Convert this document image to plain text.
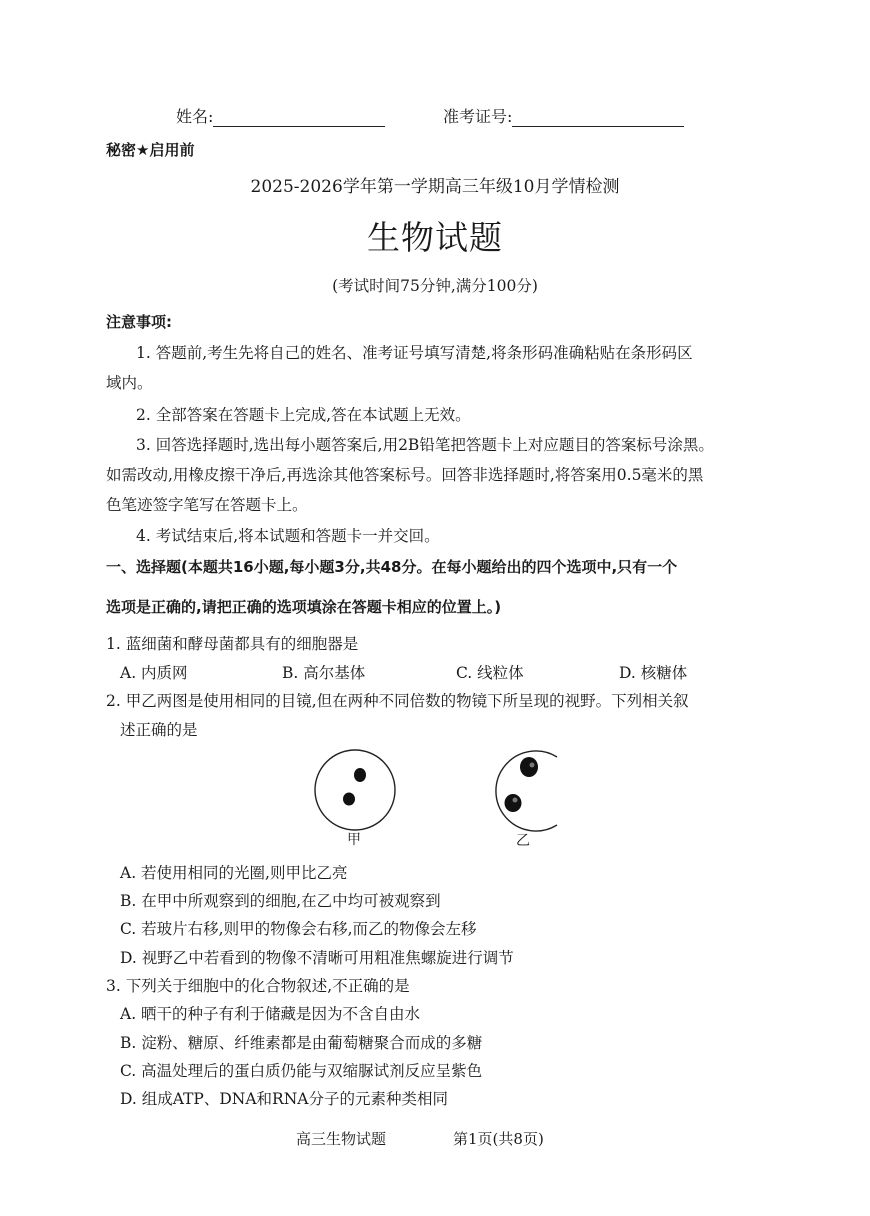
姓名:	准考证号:
秘密★启用前
2025-2026学年第一学期高三年级10月学情检测
生物试题
(考试时间75分钟,满分100分)
注意事项:
1. 答题前,考生先将自己的姓名、准考证号填写清楚,将条形码准确粘贴在条形码区
域内。
2. 全部答案在答题卡上完成,答在本试题上无效。
3. 回答选择题时,选出每小题答案后,用2B铅笔把答题卡上对应题目的答案标号涂黑。
如需改动,用橡皮擦干净后,再选涂其他答案标号。回答非选择题时,将答案用0.5毫米的黑
色笔迹签字笔写在答题卡上。
4. 考试结束后,将本试题和答题卡一并交回。
一、选择题(本题共16小题,每小题3分,共48分。在每小题给出的四个选项中,只有一个
选项是正确的,请把正确的选项填涂在答题卡相应的位置上。)
1. 蓝细菌和酵母菌都具有的细胞器是
A. 内质网	B. 高尔基体	C. 线粒体	D. 核糖体
2. 甲乙两图是使用相同的目镜,但在两种不同倍数的物镜下所呈现的视野。下列相关叙
述正确的是
甲	乙
A. 若使用相同的光圈,则甲比乙亮
B. 在甲中所观察到的细胞,在乙中均可被观察到
C. 若玻片右移,则甲的物像会右移,而乙的物像会左移
D. 视野乙中若看到的物像不清晰可用粗准焦螺旋进行调节
3. 下列关于细胞中的化合物叙述,不正确的是
A. 晒干的种子有利于储藏是因为不含自由水
B. 淀粉、糖原、纤维素都是由葡萄糖聚合而成的多糖
C. 高温处理后的蛋白质仍能与双缩脲试剂反应呈紫色
D. 组成ATP、DNA和RNA分子的元素种类相同
高三生物试题	第1页(共8页)
